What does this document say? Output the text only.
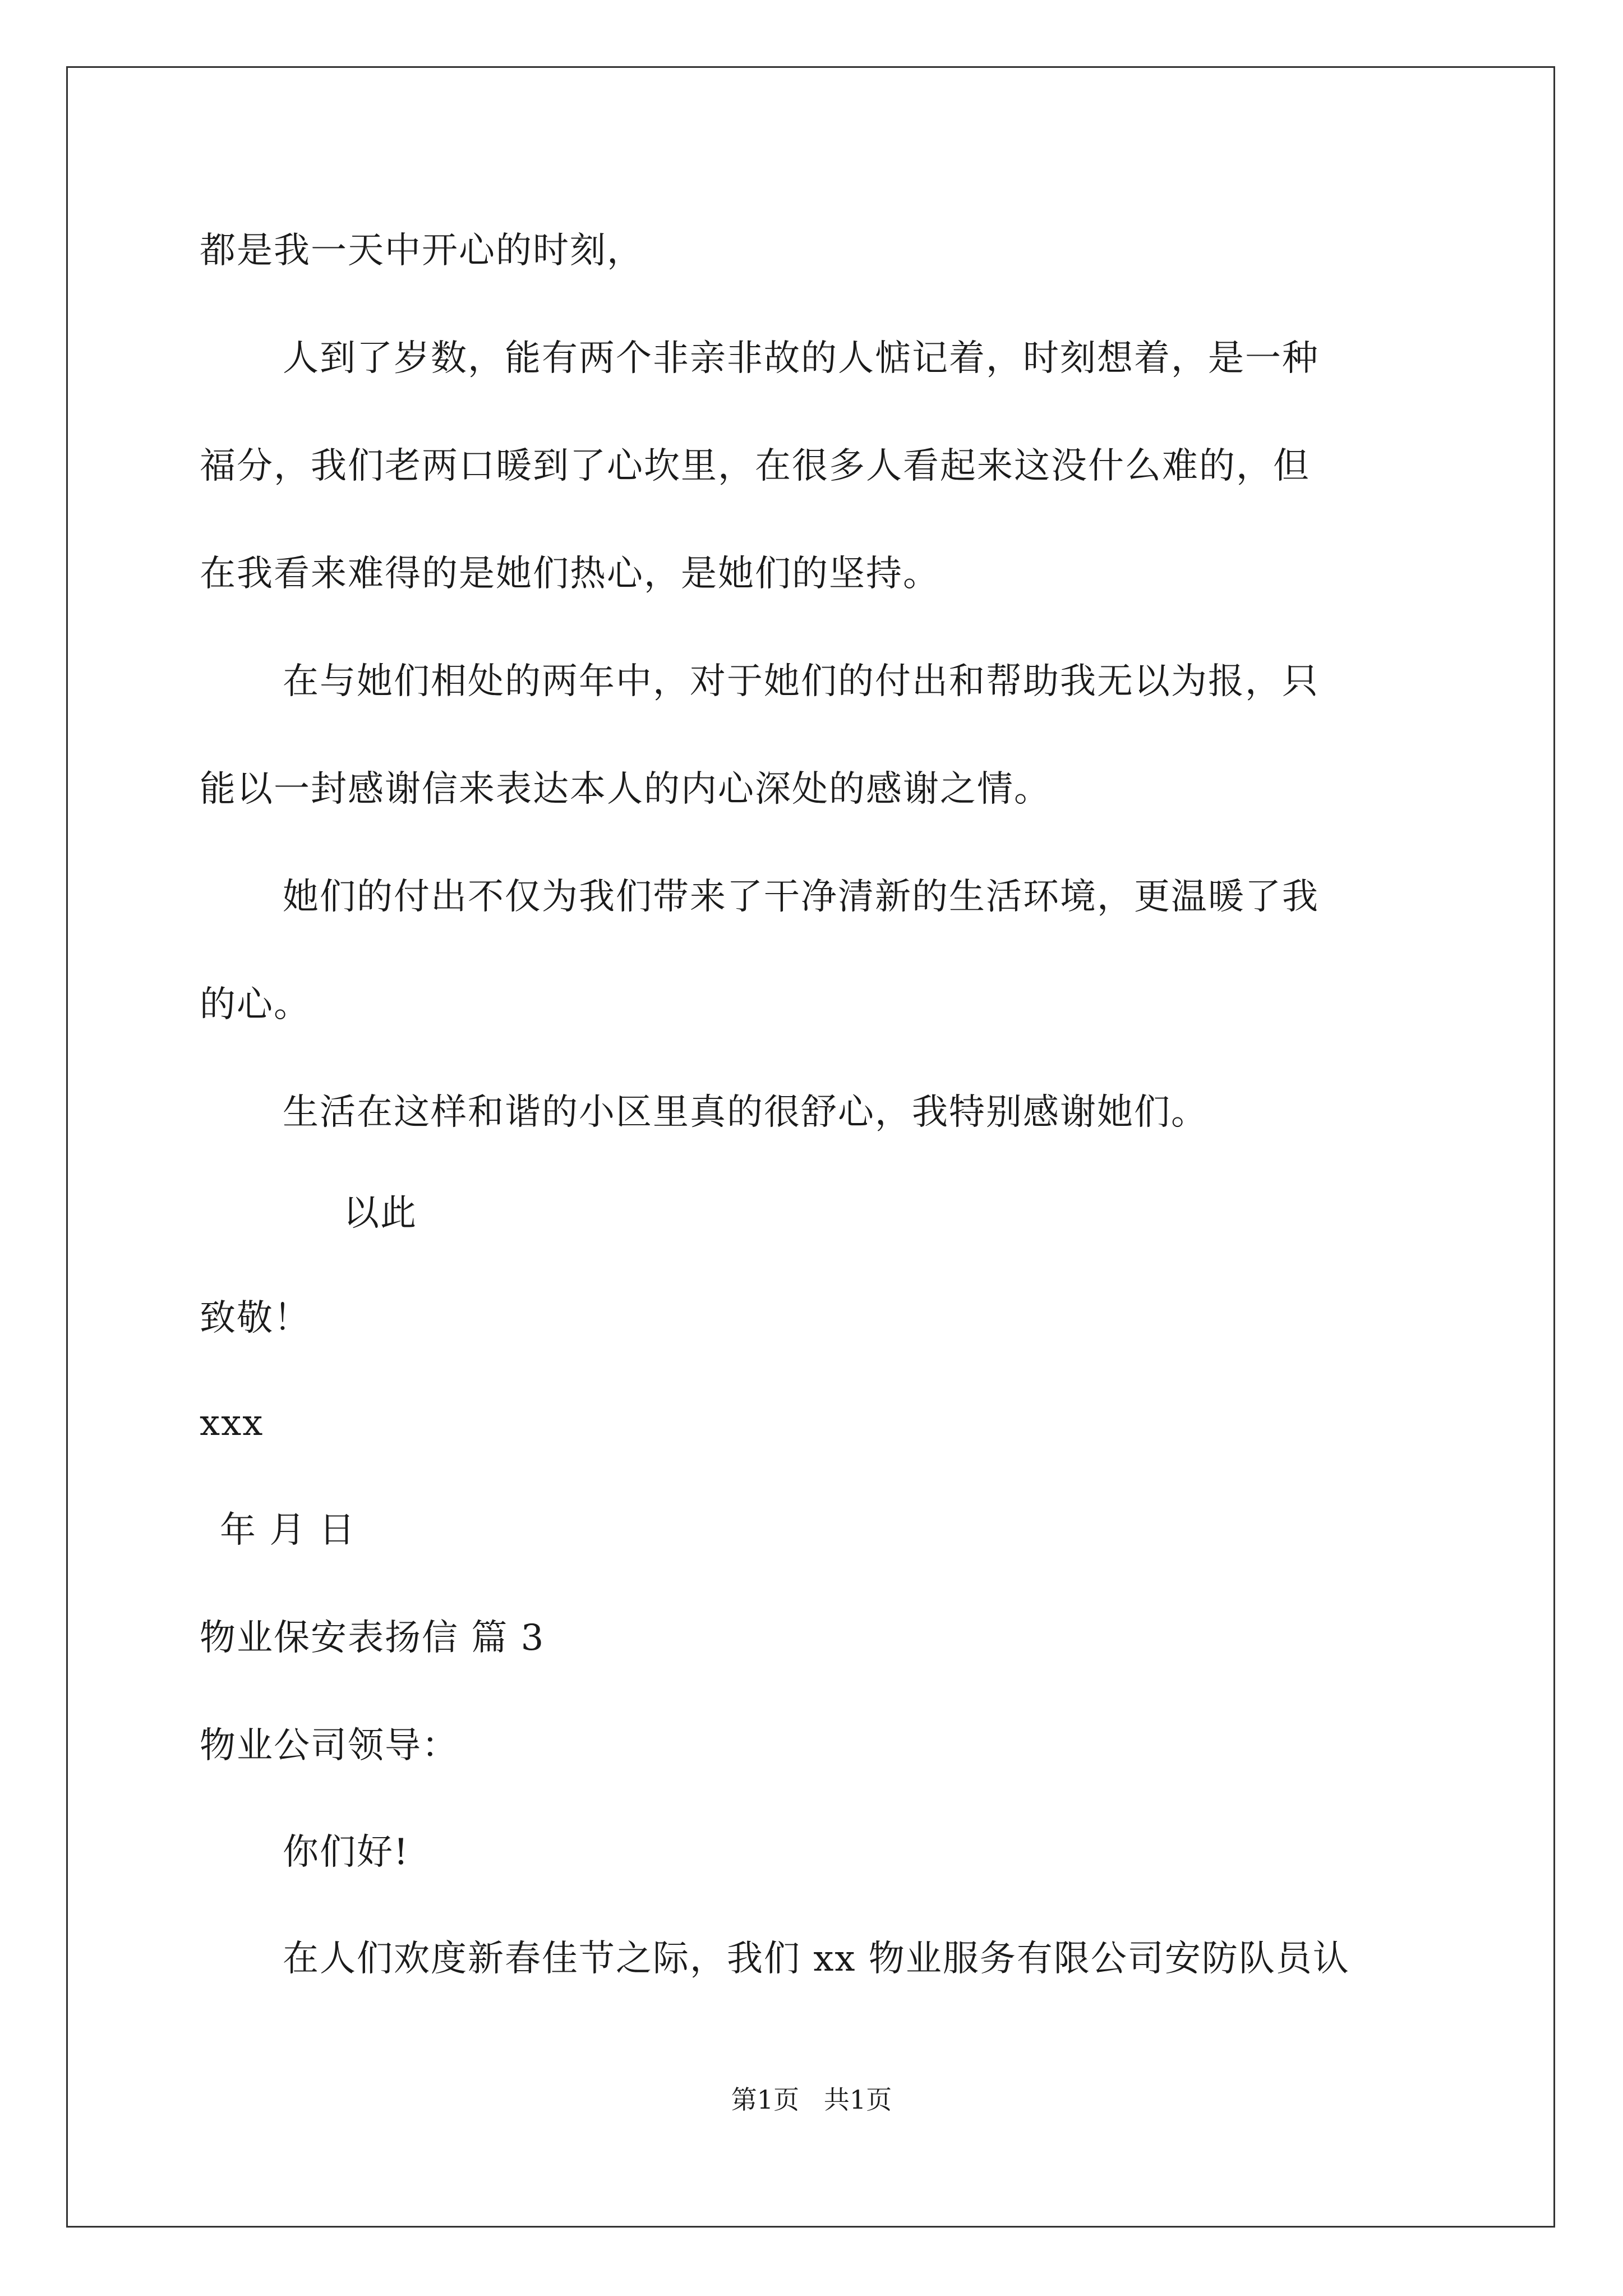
都是我一天中开心的时刻，
人到了岁数，能有两个非亲非故的人惦记着，时刻想着，是一种
福分，我们老两口暖到了心坎里，在很多人看起来这没什么难的，但
在我看来难得的是她们热心，是她们的坚持。
在与她们相处的两年中，对于她们的付出和帮助我无以为报，只
能以一封感谢信来表达本人的内心深处的感谢之情。
她们的付出不仅为我们带来了干净清新的生活环境，更温暖了我
的心。
生活在这样和谐的小区里真的很舒心，我特别感谢她们。
以此
致敬！
xxx
年 月 日
物业保安表扬信 篇 3
物业公司领导：
你们好!
在人们欢度新春佳节之际，我们 xx 物业服务有限公司安防队员认
第1页   共1页
